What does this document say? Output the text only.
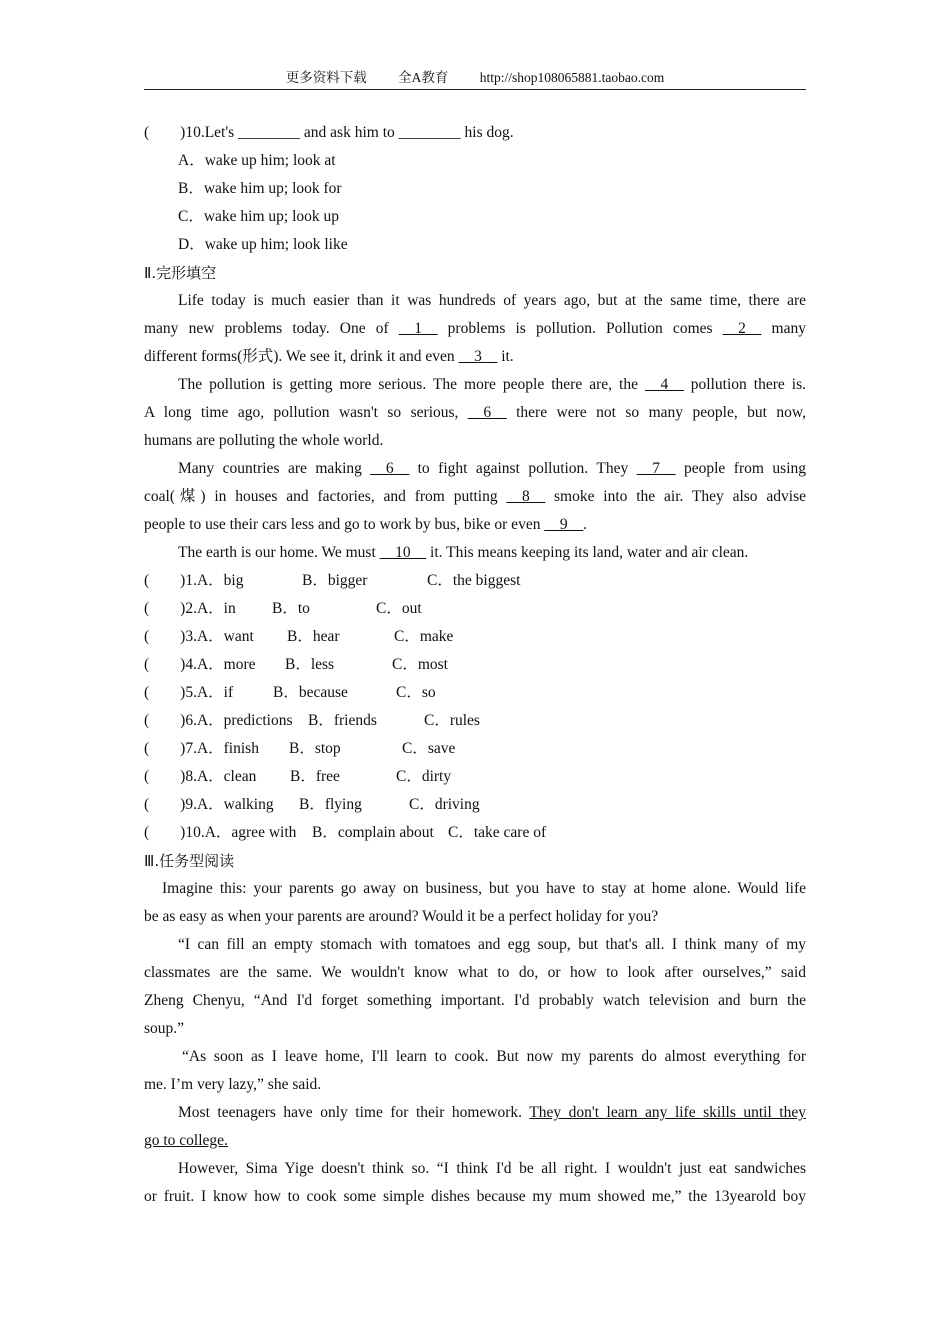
更多资料下载 全A教育 http://shop108065881.taobao.com
(        )10.Let's ________ and ask him to ________ his dog.
A．wake up him; look at
B．wake him up; look for
C．wake him up; look up
D．wake up him; look like
Ⅱ.完形填空
Life today is much easier than it was hundreds of years ago, but at the same time, there are
many new problems today. One of __1__ problems is pollution. Pollution comes __2__ many
different forms(形式). We see it, drink it and even __3__ it.
The pollution is getting more serious. The more people there are, the __4__ pollution there is.
A long time ago, pollution wasn't so serious, __6__ there were not so many people, but now,
humans are polluting the whole world.
Many countries are making __6__ to fight against pollution. They __7__ people from using
coal(煤) in houses and factories, and from putting __8__ smoke into the air. They also advise
people to use their cars less and go to work by bus, bike or even __9__.
The earth is our home. We must __10__ it. This means keeping its land, water and air clean.
(        )1.A．big	B．bigger	C．the biggest
(        )2.A．in B．to	C．out
(        )3.A．want B．hear	C．make
(        )4.A．more B．less	C．most
(        )5.A．if	B．because	C．so
(        )6.A．predictions B．friends	C．rules
(        )7.A．finish B．stop	C．save
(        )8.A．clean B．free	C．dirty
(        )9.A．walking B．flying	C．driving
(        )10.A．agree with B．complain about C．take care of
Ⅲ.任务型阅读
Imagine this: your parents go away on business, but you have to stay at home alone. Would life
be as easy as when your parents are around? Would it be a perfect holiday for you?
“I can fill an empty stomach with tomatoes and egg soup, but that's all. I think many of my
classmates are the same. We wouldn't know what to do, or how to look after ourselves,” said
Zheng Chenyu, “And I'd forget something important. I'd probably watch television and burn the
soup.”
“As soon as I leave home, I'll learn to cook. But now my parents do almost everything for
me. I’m very lazy,” she said.
Most teenagers have only time for their homework. They don't learn any life skills until they
go to college.
However, Sima Yige doesn't think so. “I think I'd be all right. I wouldn't just eat sandwiches
or fruit. I know how to cook some simple dishes because my mum showed me,” the 13yearold boy
